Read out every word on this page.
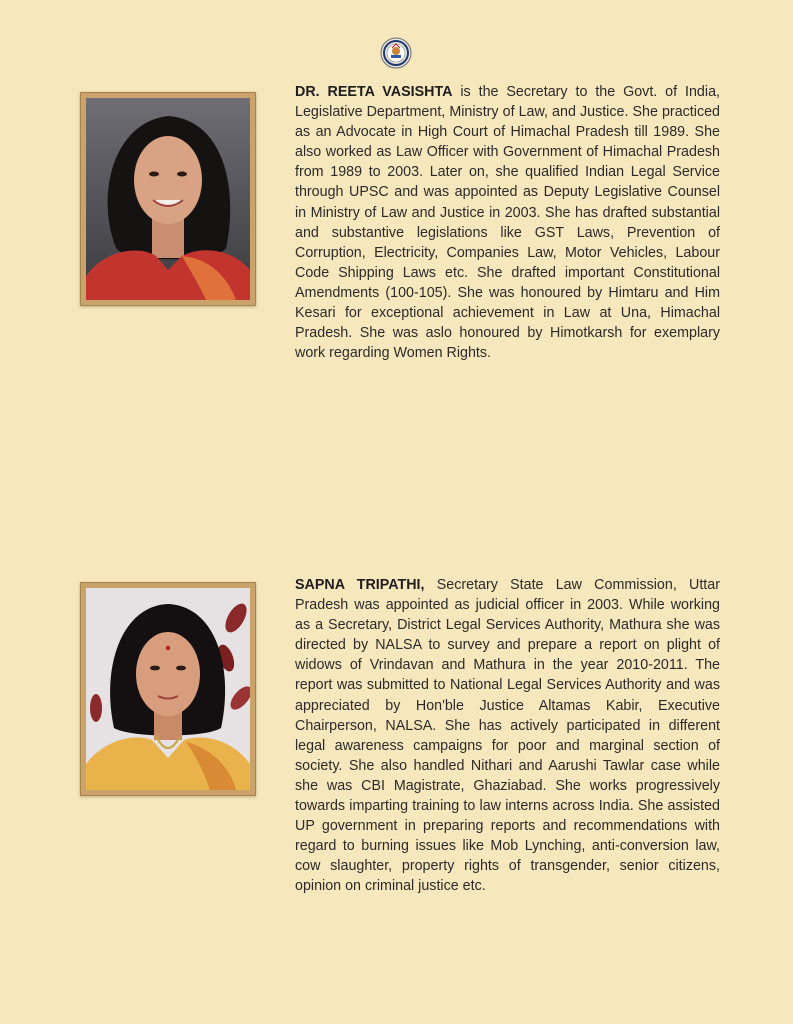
DR. REETA VASISHTA is the Secretary to the Govt. of India, Legislative Department, Ministry of Law, and Justice. She practiced as an Advocate in High Court of Himachal Pradesh till 1989. She also worked as Law Officer with Government of Himachal Pradesh from 1989 to 2003. Later on, she qualified Indian Legal Service through UPSC and was appointed as Deputy Legislative Counsel in Ministry of Law and Justice in 2003. She has drafted substantial and substantive legislations like GST Laws, Prevention of Corruption, Electricity, Companies Law, Motor Vehicles, Labour Code Shipping Laws etc. She drafted important Constitutional Amendments (100-105). She was honoured by Himtaru and Him Kesari for exceptional achievement in Law at Una, Himachal Pradesh. She was aslo honoured by Himotkarsh for exemplary work regarding Women Rights.

SAPNA TRIPATHI, Secretary State Law Commission, Uttar Pradesh was appointed as judicial officer in 2003. While working as a Secretary, District Legal Services Authority, Mathura she was directed by NALSA to survey and prepare a report on plight of widows of Vrindavan and Mathura in the year 2010-2011. The report was submitted to National Legal Services Authority and was appreciated by Hon'ble Justice Altamas Kabir, Executive Chairperson, NALSA. She has actively participated in different legal awareness campaigns for poor and marginal section of society. She also handled Nithari and Aarushi Tawlar case while she was CBI Magistrate, Ghaziabad. She works progressively towards imparting training to law interns across India. She assisted UP government in preparing reports and recommendations with regard to burning issues like Mob Lynching, anti-conversion law, cow slaughter, property rights of transgender, senior citizens, opinion on criminal justice etc.
